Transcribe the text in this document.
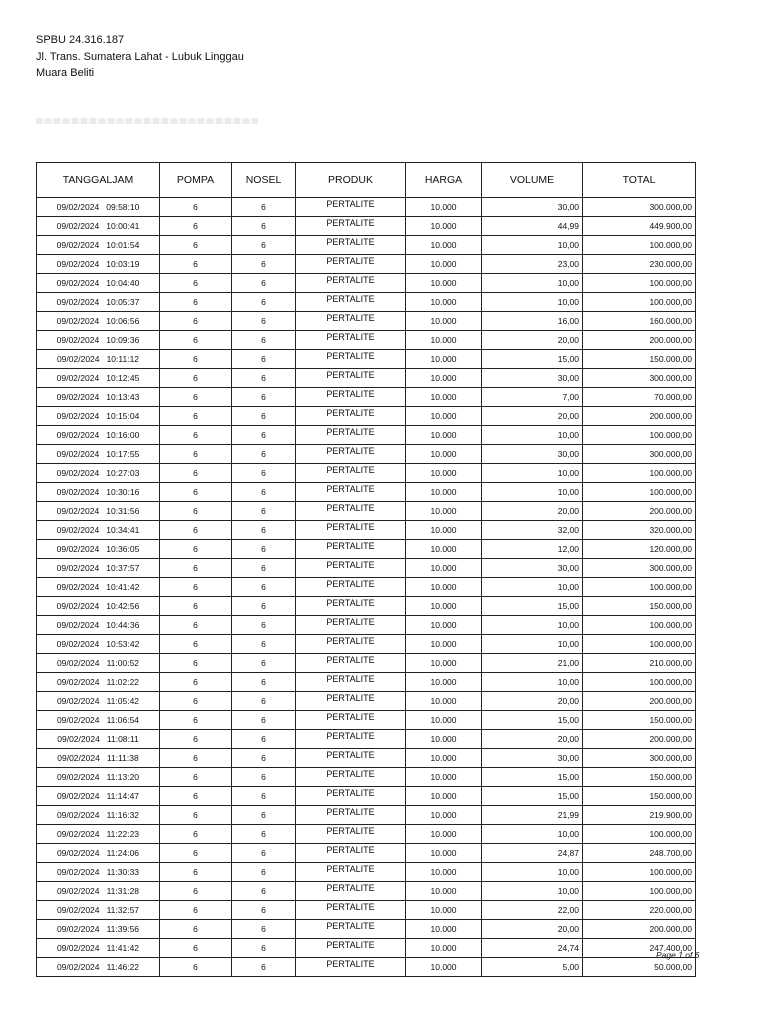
SPBU 24.316.187
Jl. Trans. Sumatera Lahat - Lubuk Linggau
Muara Beliti
TANGGALJAM	POMPA	NOSEL	PRODUK	HARGA	VOLUME	TOTAL
09/02/2024   09:58:10	6	6	PERTALITE	10.000	30,00	300.000,00
09/02/2024   10:00:41	6	6	PERTALITE	10.000	44,99	449.900,00
09/02/2024   10:01:54	6	6	PERTALITE	10.000	10,00	100.000,00
09/02/2024   10:03:19	6	6	PERTALITE	10.000	23,00	230.000,00
09/02/2024   10:04:40	6	6	PERTALITE	10.000	10,00	100.000,00
09/02/2024   10:05:37	6	6	PERTALITE	10.000	10,00	100.000,00
09/02/2024   10:06:56	6	6	PERTALITE	10.000	16,00	160.000,00
09/02/2024   10:09:36	6	6	PERTALITE	10.000	20,00	200.000,00
09/02/2024   10:11:12	6	6	PERTALITE	10.000	15,00	150.000,00
09/02/2024   10:12:45	6	6	PERTALITE	10.000	30,00	300.000,00
09/02/2024   10:13:43	6	6	PERTALITE	10.000	7,00	70.000,00
09/02/2024   10:15:04	6	6	PERTALITE	10.000	20,00	200.000,00
09/02/2024   10:16:00	6	6	PERTALITE	10.000	10,00	100.000,00
09/02/2024   10:17:55	6	6	PERTALITE	10.000	30,00	300.000,00
09/02/2024   10:27:03	6	6	PERTALITE	10.000	10,00	100.000,00
09/02/2024   10:30:16	6	6	PERTALITE	10.000	10,00	100.000,00
09/02/2024   10:31:56	6	6	PERTALITE	10.000	20,00	200.000,00
09/02/2024   10:34:41	6	6	PERTALITE	10.000	32,00	320.000,00
09/02/2024   10:36:05	6	6	PERTALITE	10.000	12,00	120.000,00
09/02/2024   10:37:57	6	6	PERTALITE	10.000	30,00	300.000,00
09/02/2024   10:41:42	6	6	PERTALITE	10.000	10,00	100.000,00
09/02/2024   10:42:56	6	6	PERTALITE	10.000	15,00	150.000,00
09/02/2024   10:44:36	6	6	PERTALITE	10.000	10,00	100.000,00
09/02/2024   10:53:42	6	6	PERTALITE	10.000	10,00	100.000,00
09/02/2024   11:00:52	6	6	PERTALITE	10.000	21,00	210.000,00
09/02/2024   11:02:22	6	6	PERTALITE	10.000	10,00	100.000,00
09/02/2024   11:05:42	6	6	PERTALITE	10.000	20,00	200.000,00
09/02/2024   11:06:54	6	6	PERTALITE	10.000	15,00	150.000,00
09/02/2024   11:08:11	6	6	PERTALITE	10.000	20,00	200.000,00
09/02/2024   11:11:38	6	6	PERTALITE	10.000	30,00	300.000,00
09/02/2024   11:13:20	6	6	PERTALITE	10.000	15,00	150.000,00
09/02/2024   11:14:47	6	6	PERTALITE	10.000	15,00	150.000,00
09/02/2024   11:16:32	6	6	PERTALITE	10.000	21,99	219.900,00
09/02/2024   11:22:23	6	6	PERTALITE	10.000	10,00	100.000,00
09/02/2024   11:24:06	6	6	PERTALITE	10.000	24,87	248.700,00
09/02/2024   11:30:33	6	6	PERTALITE	10.000	10,00	100.000,00
09/02/2024   11:31:28	6	6	PERTALITE	10.000	10,00	100.000,00
09/02/2024   11:32:57	6	6	PERTALITE	10.000	22,00	220.000,00
09/02/2024   11:39:56	6	6	PERTALITE	10.000	20,00	200.000,00
09/02/2024   11:41:42	6	6	PERTALITE	10.000	24,74	247.400,00
09/02/2024   11:46:22	6	6	PERTALITE	10.000	5,00	50.000,00
Page 1 of 6
